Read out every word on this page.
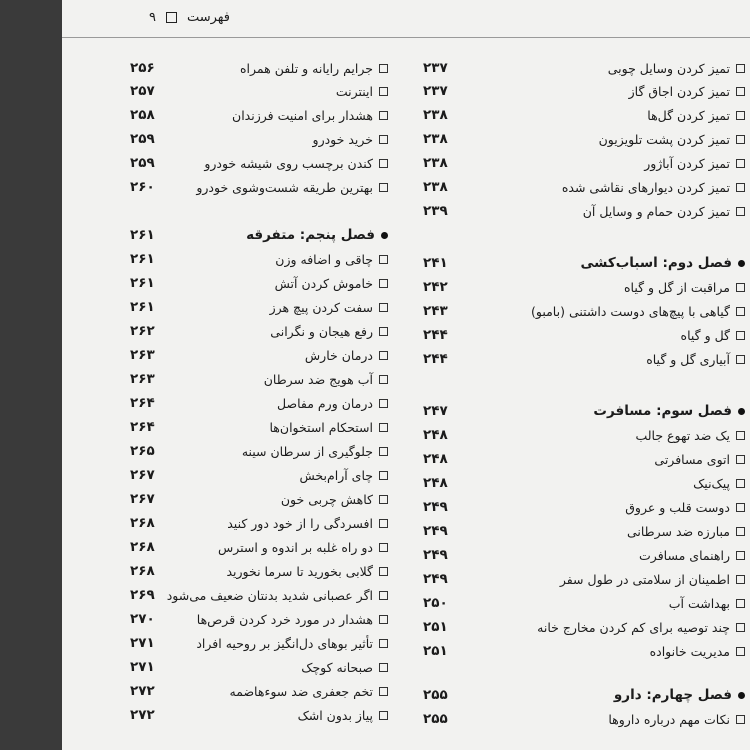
فهرست
۹
تمیز کردن وسایل چوبی
۲۳۷
تمیز کردن اجاق گاز
۲۳۷
تمیز کردن گل‌ها
۲۳۸
تمیز کردن پشت تلویزیون
۲۳۸
تمیز کردن آباژور
۲۳۸
تمیز کردن دیوارهای نقاشی شده
۲۳۸
تمیز کردن حمام و وسایل آن
۲۳۹
فصل دوم: اسباب‌کشی
۲۴۱
مراقبت از گل و گیاه
۲۴۲
گیاهی با پیچ‌های دوست داشتنی (بامبو)
۲۴۳
گل و گیاه
۲۴۴
آبیاری گل و گیاه
۲۴۴
فصل سوم: مسافرت
۲۴۷
یک ضد تهوع جالب
۲۴۸
اتوی مسافرتی
۲۴۸
پیک‌نیک
۲۴۸
دوست قلب و عروق
۲۴۹
مبارزه ضد سرطانی
۲۴۹
راهنمای مسافرت
۲۴۹
اطمینان از سلامتی در طول سفر
۲۴۹
بهداشت آب
۲۵۰
چند توصیه برای کم کردن مخارج خانه
۲۵۱
مدیریت خانواده
۲۵۱
فصل چهارم: دارو
۲۵۵
نکات مهم درباره داروها
۲۵۵
جرایم رایانه و تلفن همراه
۲۵۶
اینترنت
۲۵۷
هشدار برای امنیت فرزندان
۲۵۸
خرید خودرو
۲۵۹
کندن برچسب روی شیشه خودرو
۲۵۹
بهترین طریقه شست‌وشوی خودرو
۲۶۰
فصل پنجم: متفرقه
۲۶۱
چاقی و اضافه وزن
۲۶۱
خاموش کردن آتش
۲۶۱
سفت کردن پیچ هرز
۲۶۱
رفع هیجان و نگرانی
۲۶۲
درمان خارش
۲۶۳
آب هویج ضد سرطان
۲۶۳
درمان ورم مفاصل
۲۶۴
استحکام استخوان‌ها
۲۶۴
جلوگیری از سرطان سینه
۲۶۵
چای آرام‌بخش
۲۶۷
کاهش چربی خون
۲۶۷
افسردگی را از خود دور کنید
۲۶۸
دو راه غلبه بر اندوه و استرس
۲۶۸
گلابی بخورید تا سرما نخورید
۲۶۸
اگر عصبانی شدید بدنتان ضعیف می‌شود
۲۶۹
هشدار در مورد خرد کردن قرص‌ها
۲۷۰
تأثیر بوهای دل‌انگیز بر روحیه افراد
۲۷۱
صبحانه کوچک
۲۷۱
تخم جعفری ضد سوءهاضمه
۲۷۲
پیاز بدون اشک
۲۷۲
